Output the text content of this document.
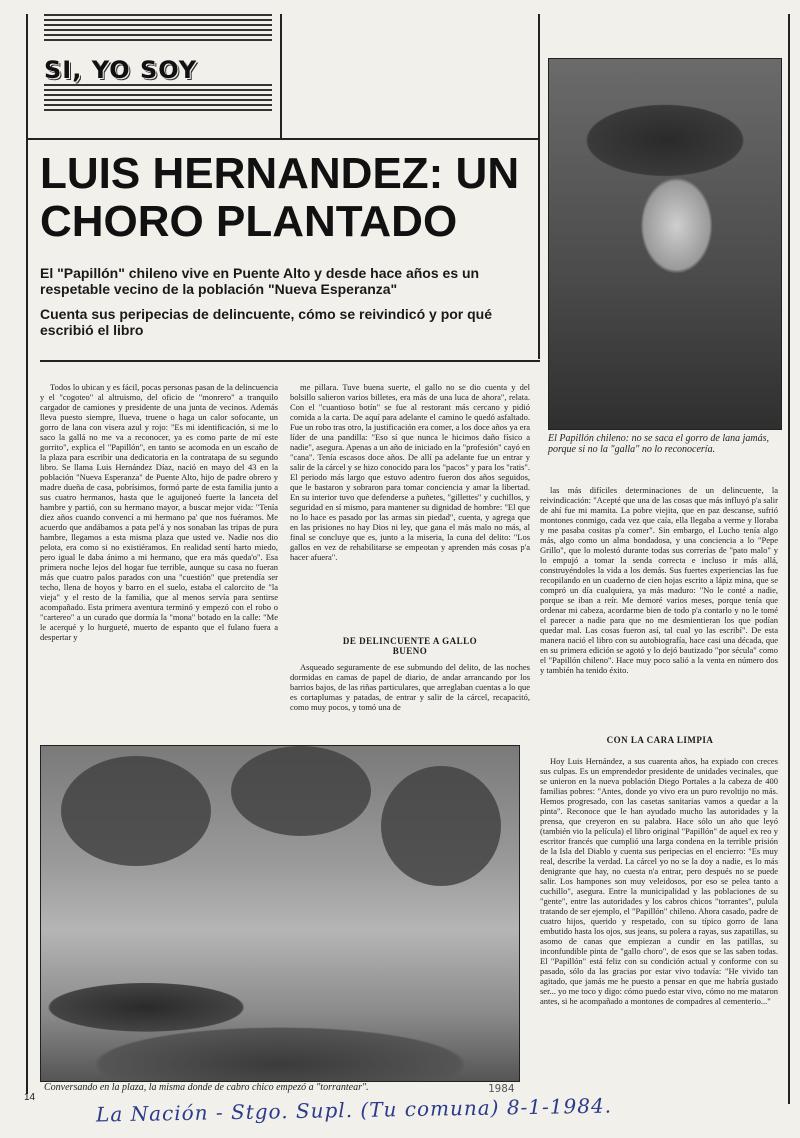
SI, YO SOY
El Papillón chileno: no se saca el gorro de lana jamás, porque si no la "galla" no lo reconocería.
LUIS HERNANDEZ: UN CHORO PLANTADO
El "Papillón" chileno vive en Puente Alto y desde hace años es un respetable vecino de la población "Nueva Esperanza"
Cuenta sus peripecias de delincuente, cómo se reivindicó y por qué escribió el libro

Todos lo ubican y es fácil, pocas personas pasan de la delincuencia y el "cogoteo" al altruismo, del oficio de "monrero" a tranquilo cargador de camiones y presidente de una junta de vecinos. Además lleva puesto siempre, llueva, truene o haga un calor sofocante, un gorro de lana con visera azul y rojo: "Es mi identificación, si me lo saco la gallá no me va a reconocer, ya es como parte de mí este gorrito", explica el "Papillón", en tanto se acomoda en un escaño de la plaza para escribir una dedicatoria en la contratapa de su segundo libro. Se llama Luis Hernández Díaz, nació en mayo del 43 en la población "Nueva Esperanza" de Puente Alto, hijo de padre obrero y madre dueña de casa, pobrísimos, formó parte de esta familia junto a sus cuatro hermanos, hasta que le aguijoneó fuerte la lanceta del hambre y partió, con su hermano mayor, a buscar mejor vida: "Tenía diez años cuando convencí a mi hermano pa' que nos fuéramos. Me acuerdo que andábamos a pata pel'á y nos sonaban las tripas de pura hambre, llegamos a esta misma plaza que usted ve. Nadie nos dio pelota, era como si no existiéramos. En realidad sentí harto miedo, pero igual le daba ánimo a mi hermano, que era más queda'o". Esa primera noche lejos del hogar fue terrible, aunque su casa no fueran más que cuatro palos parados con una "cuestión" que pretendía ser techo, llena de hoyos y barro en el suelo, estaba el calorcito de "la vieja" y el resto de la familia, que al menos servía para sentirse acompañado. Esta primera aventura terminó y empezó con el robo o "cartereo" a un curado que dormía la "mona" botado en la calle: "Me le acerqué y lo hurgueté, muerto de espanto que el fulano fuera a despertar y

me pillara. Tuve buena suerte, el gallo no se dio cuenta y del bolsillo salieron varios billetes, era más de una luca de ahora", relata. Con el "cuantioso botín" se fue al restorant más cercano y pidió comida a la carta. De aquí para adelante el camino le quedó asfaltado. Fue un robo tras otro, la justificación era comer, a los doce años ya era líder de una pandilla: "Eso sí que nunca le hicimos daño físico a nadie", asegura. Apenas a un año de iniciado en la "profesión" cayó en "cana". Tenía escasos doce años. De allí pa adelante fue un entrar y salir de la cárcel y se hizo conocido para los "pacos" y para los "ratis". El periodo más largo que estuvo adentro fueron dos años seguidos, que le bastaron y sobraron para tomar conciencia y amar la libertad. En su interior tuvo que defenderse a puñetes, "gillettes" y cuchillos, y seguridad en sí mismo, para mantener su dignidad de hombre: "El que no lo hace es pasado por las armas sin piedad", cuenta, y agrega que en las prisiones no hay Dios ni ley, que gana el más malo no más, al final se concluye que es, junto a la miseria, la cuna del delito: "Los gallos en vez de rehabilitarse se empeotan y aprenden más cosas p'a hacer afuera".

DE DELINCUENTE A GALLO BUENO

Asqueado seguramente de ese submundo del delito, de las noches dormidas en camas de papel de diario, de andar arrancando por los barrios bajos, de las riñas particulares, que arreglaban cuentas a lo que es cortaplumas y patadas, de entrar y salir de la cárcel, recapacitó, como muy pocos, y tomó una de

las más difíciles determinaciones de un delincuente, la reivindicación: "Acepté que una de las cosas que más influyó p'a salir de ahí fue mi mamita. La pobre viejita, que en paz descanse, sufrió montones conmigo, cada vez que caía, ella llegaba a verme y lloraba y me pasaba cositas p'a comer". Sin embargo, el Lucho tenía algo más, algo como un alma bondadosa, y una conciencia a lo "Pepe Grillo", que lo molestó durante todas sus correrías de "pato malo" y lo empujó a tomar la senda correcta e incluso ir más allá, construyéndoles la vida a los demás. Sus fuertes experiencias las fue recopilando en un cuaderno de cien hojas escrito a lápiz mina, que se compró un día cualquiera, ya más maduro: "No le conté a nadie, porque se iban a reír. Me demoré varios meses, porque tenía que ordenar mi cabeza, acordarme bien de todo p'a contarlo y no le tomé el parecer a nadie para que no me desmientieran los que podían quedar mal. Las cosas fueron así, tal cual yo las escribí". De esta manera nació el libro con su autobiografía, hace casi una década, que en su primera edición se agotó y lo dejó bautizado "por sécula" como el "Papillón chileno". Hace muy poco salió a la venta en número dos y también ha tenido éxito.

CON LA CARA LIMPIA

Hoy Luis Hernández, a sus cuarenta años, ha expiado con creces sus culpas. Es un emprendedor presidente de unidades vecinales, que se unieron en la nueva población Diego Portales a la cabeza de 400 familias pobres: "Antes, donde yo vivo era un puro revoltijo no más. Hemos progresado, con las casetas sanitarias vamos a quedar a la pinta". Reconoce que le han ayudado mucho las autoridades y la prensa, que creyeron en su palabra. Hace sólo un año que leyó (también vio la película) el libro original "Papillón" de aquel ex reo y escritor francés que cumplió una larga condena en la terrible prisión de la Isla del Diablo y cuenta sus peripecias en el encierro: "Es muy real, describe la verdad. La cárcel yo no se la doy a nadie, es lo más denigrante que hay, no cuesta n'a entrar, pero después no se puede salir. Los hampones son muy veleidosos, por eso se pelea tanto a cuchillo", asegura. Entre la municipalidad y las poblaciones de su "gente", entre las autoridades y los cabros chicos "torrantes", pulula tratando de ser ejemplo, el "Papillón" chileno. Ahora casado, padre de cuatro hijos, querido y respetado, con su típico gorro de lana embutido hasta los ojos, sus jeans, su polera a rayas, sus zapatillas, su asomo de canas que empiezan a cundir en las patillas, su inconfundible pinta de "gallo choro", de esos que se las saben todas. El "Papillón" está feliz con su condición actual y conforme con su pasado, sólo da las gracias por estar vivo todavía: "He vivido tan agitado, que jamás me he puesto a pensar en que me habría gustado ser... yo me toco y digo: cómo puedo estar vivo, cómo no me mataron antes, si he acompañado a montones de compadres al cementerio..."

Conversando en la plaza, la misma donde de cabro chico empezó a "torrantear".
14
1984
La Nación - Stgo. Supl. (Tu comuna) 8-1-1984.
